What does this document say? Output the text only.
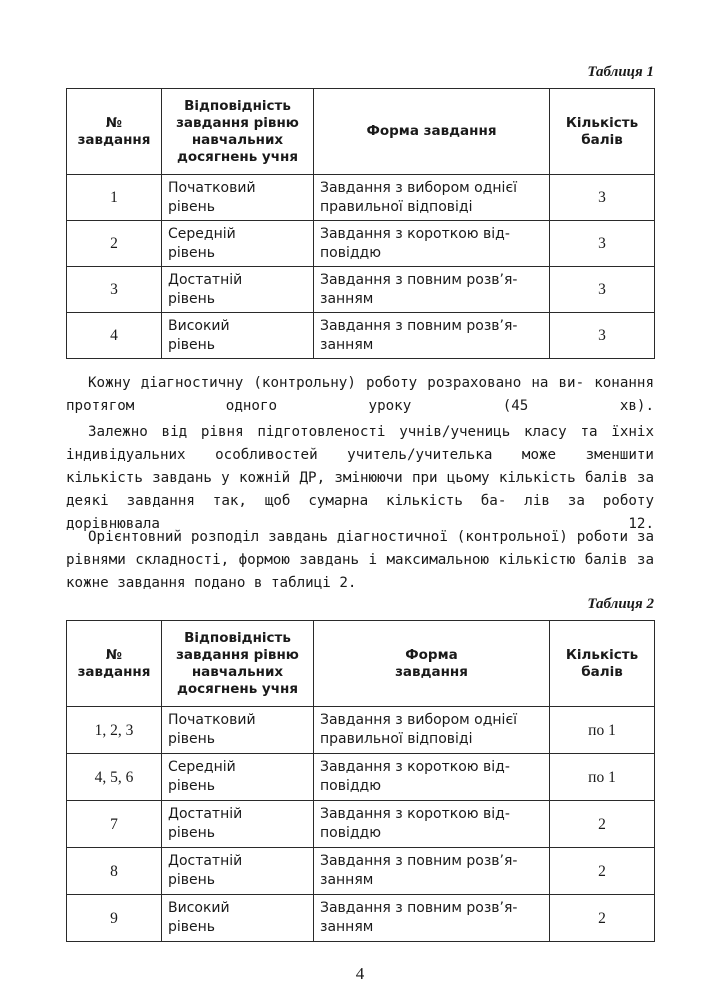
Таблиця 1
№
завдання	Відповідність
завдання рівню
навчальних
досягнень учня	Форма завдання	Кількість
балів

1	Початковий
рівень	Завдання з вибором однієї
правильної відповіді	3
2	Середній
рівень	Завдання з короткою від-
повіддю	3
3	Достатній
рівень	Завдання з повним розв’я-
занням	3
4	Високий
рівень	Завдання з повним розв’я-
занням	3

Кожну діагностичну (контрольну) роботу розраховано на ви- конання протягом одного уроку (45 хв).

Залежно від рівня підготовленості учнів/учениць класу та їхніх індивідуальних особливостей учитель/учителька може зменшити кількість завдань у кожній ДР, змінюючи при цьому кількість балів за деякі завдання так, щоб сумарна кількість ба- лів за роботу дорівнювала 12.

Орієнтовний розподіл завдань діагностичної (контрольної) роботи за рівнями складності, формою завдань і максимальною кількістю балів за кожне завдання подано в таблиці 2.

Таблиця 2
№
завдання	Відповідність
завдання рівню
навчальних
досягнень учня	Форма
завдання	Кількість
балів

1, 2, 3	Початковий
рівень	Завдання з вибором однієї
правильної відповіді	по 1
4, 5, 6	Середній
рівень	Завдання з короткою від-
повіддю	по 1
7	Достатній
рівень	Завдання з короткою від-
повіддю	2
8	Достатній
рівень	Завдання з повним розв’я-
занням	2
9	Високий
рівень	Завдання з повним розв’я-
занням	2
4
